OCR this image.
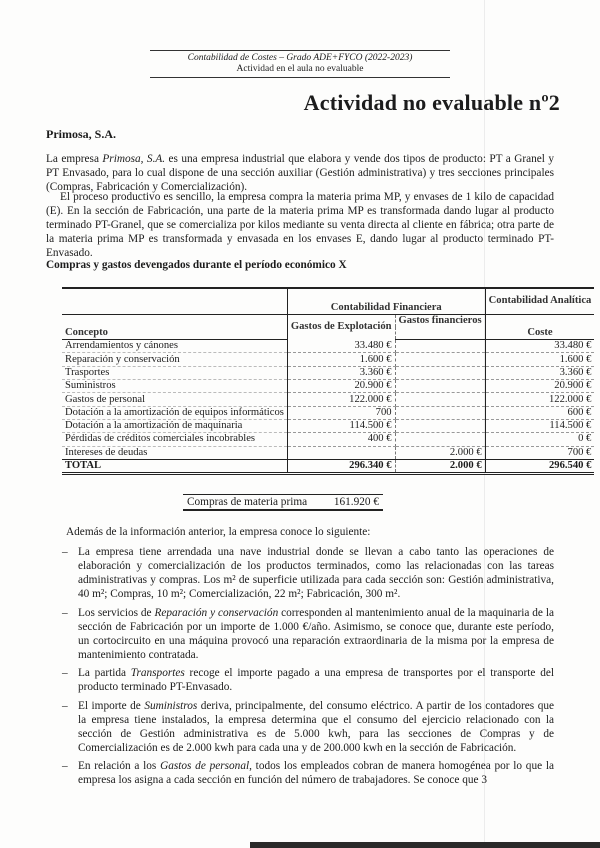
Contabilidad de Costes – Grado ADE+FYCO (2022-2023)
Actividad en el aula no evaluable
Actividad no evaluable nº2
Primosa, S.A.
La empresa Primosa, S.A. es una empresa industrial que elabora y vende dos tipos de producto: PT a Granel y PT Envasado, para lo cual dispone de una sección auxiliar (Gestión administrativa) y tres secciones principales (Compras, Fabricación y Comercialización).
El proceso productivo es sencillo, la empresa compra la materia prima MP, y envases de 1 kilo de capacidad (E). En la sección de Fabricación, una parte de la materia prima MP es transformada dando lugar al producto terminado PT-Granel, que se comercializa por kilos mediante su venta directa al cliente en fábrica; otra parte de la materia prima MP es transformada y envasada en los envases E, dando lugar al producto terminado PT-Envasado.
Compras y gastos devengados durante el período económico X

	Contabilidad Financiera		Contabilidad Analítica

	Gastos de Explotación	Gastos financieros	
Concepto			Coste
Arrendamientos y cánones	33.480 €		33.480 €
Reparación y conservación	1.600 €		1.600 €
Trasportes	3.360 €		3.360 €
Suministros	20.900 €		20.900 €
Gastos de personal	122.000 €		122.000 €
Dotación a la amortización de equipos informáticos	700		600 €
Dotación a la amortización de maquinaria	114.500 €		114.500 €
Pérdidas de créditos comerciales incobrables	400 €		0 €
Intereses de deudas		2.000 €	700 €
TOTAL	296.340 €	2.000 €	296.540 €
Compras de materia prima	161.920 €
Además de la información anterior, la empresa conoce lo siguiente:
– La empresa tiene arrendada una nave industrial donde se llevan a cabo tanto las operaciones de elaboración y comercialización de los productos terminados, como las relacionadas con las tareas administrativas y compras. Los m² de superficie utilizada para cada sección son: Gestión administrativa, 40 m²; Compras, 10 m²; Comercialización, 22 m²; Fabricación, 300 m².
– Los servicios de Reparación y conservación corresponden al mantenimiento anual de la maquinaria de la sección de Fabricación por un importe de 1.000 €/año. Asimismo, se conoce que, durante este período, un cortocircuito en una máquina provocó una reparación extraordinaria de la misma por la empresa de mantenimiento contratada.
– La partida Transportes recoge el importe pagado a una empresa de transportes por el transporte del producto terminado PT-Envasado.
– El importe de Suministros deriva, principalmente, del consumo eléctrico. A partir de los contadores que la empresa tiene instalados, la empresa determina que el consumo del ejercicio relacionado con la sección de Gestión administrativa es de 5.000 kwh, para las secciones de Compras y de Comercialización es de 2.000 kwh para cada una y de 200.000 kwh en la sección de Fabricación.
– En relación a los Gastos de personal, todos los empleados cobran de manera homogénea por lo que la empresa los asigna a cada sección en función del número de trabajadores. Se conoce que 3
